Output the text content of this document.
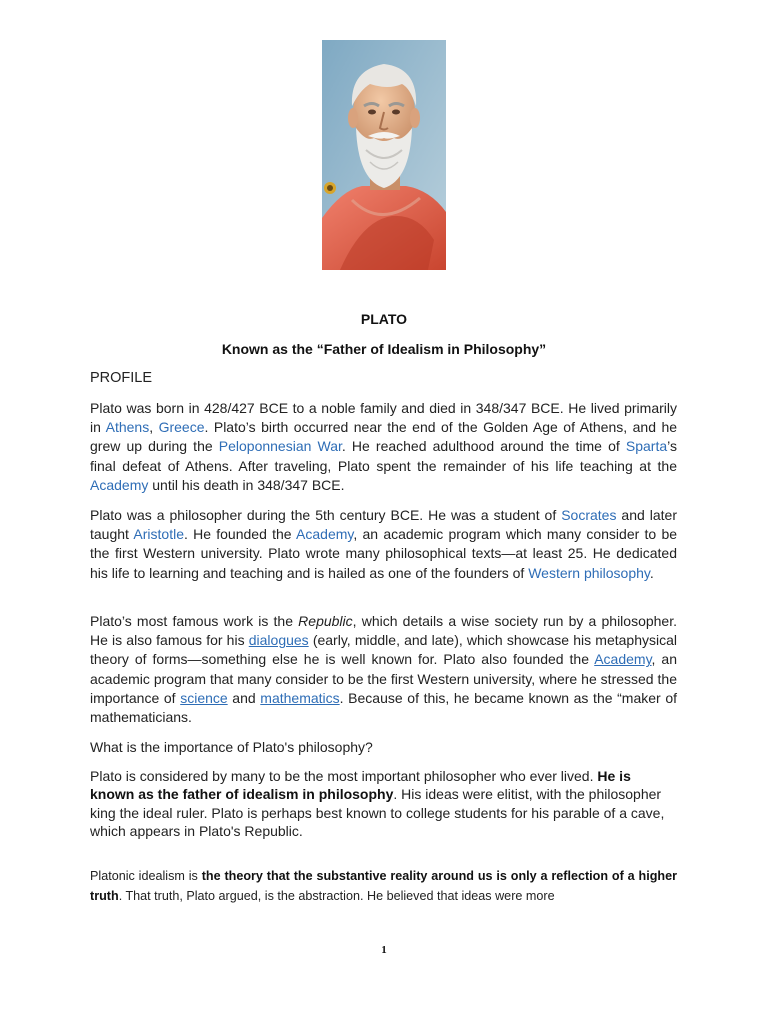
PLATO
Known as the “Father of Idealism in Philosophy”
PROFILE

Plato was born in 428/427 BCE to a noble family and died in 348/347 BCE. He lived primarily in Athens, Greece. Plato’s birth occurred near the end of the Golden Age of Athens, and he grew up during the Peloponnesian War. He reached adulthood around the time of Sparta’s final defeat of Athens. After traveling, Plato spent the remainder of his life teaching at the Academy until his death in 348/347 BCE.

Plato was a philosopher during the 5th century BCE. He was a student of Socrates and later taught Aristotle. He founded the Academy, an academic program which many consider to be the first Western university. Plato wrote many philosophical texts—at least 25. He dedicated his life to learning and teaching and is hailed as one of the founders of Western philosophy.

Plato’s most famous work is the Republic, which details a wise society run by a philosopher. He is also famous for his dialogues (early, middle, and late), which showcase his metaphysical theory of forms—something else he is well known for. Plato also founded the Academy, an academic program that many consider to be the first Western university, where he stressed the importance of science and mathematics. Because of this, he became known as the “maker of mathematicians.

What is the importance of Plato's philosophy?

Plato is considered by many to be the most important philosopher who ever lived. He is known as the father of idealism in philosophy. His ideas were elitist, with the philosopher king the ideal ruler. Plato is perhaps best known to college students for his parable of a cave, which appears in Plato's Republic.

Platonic idealism is the theory that the substantive reality around us is only a reflection of a higher truth. That truth, Plato argued, is the abstraction. He believed that ideas were more

1
